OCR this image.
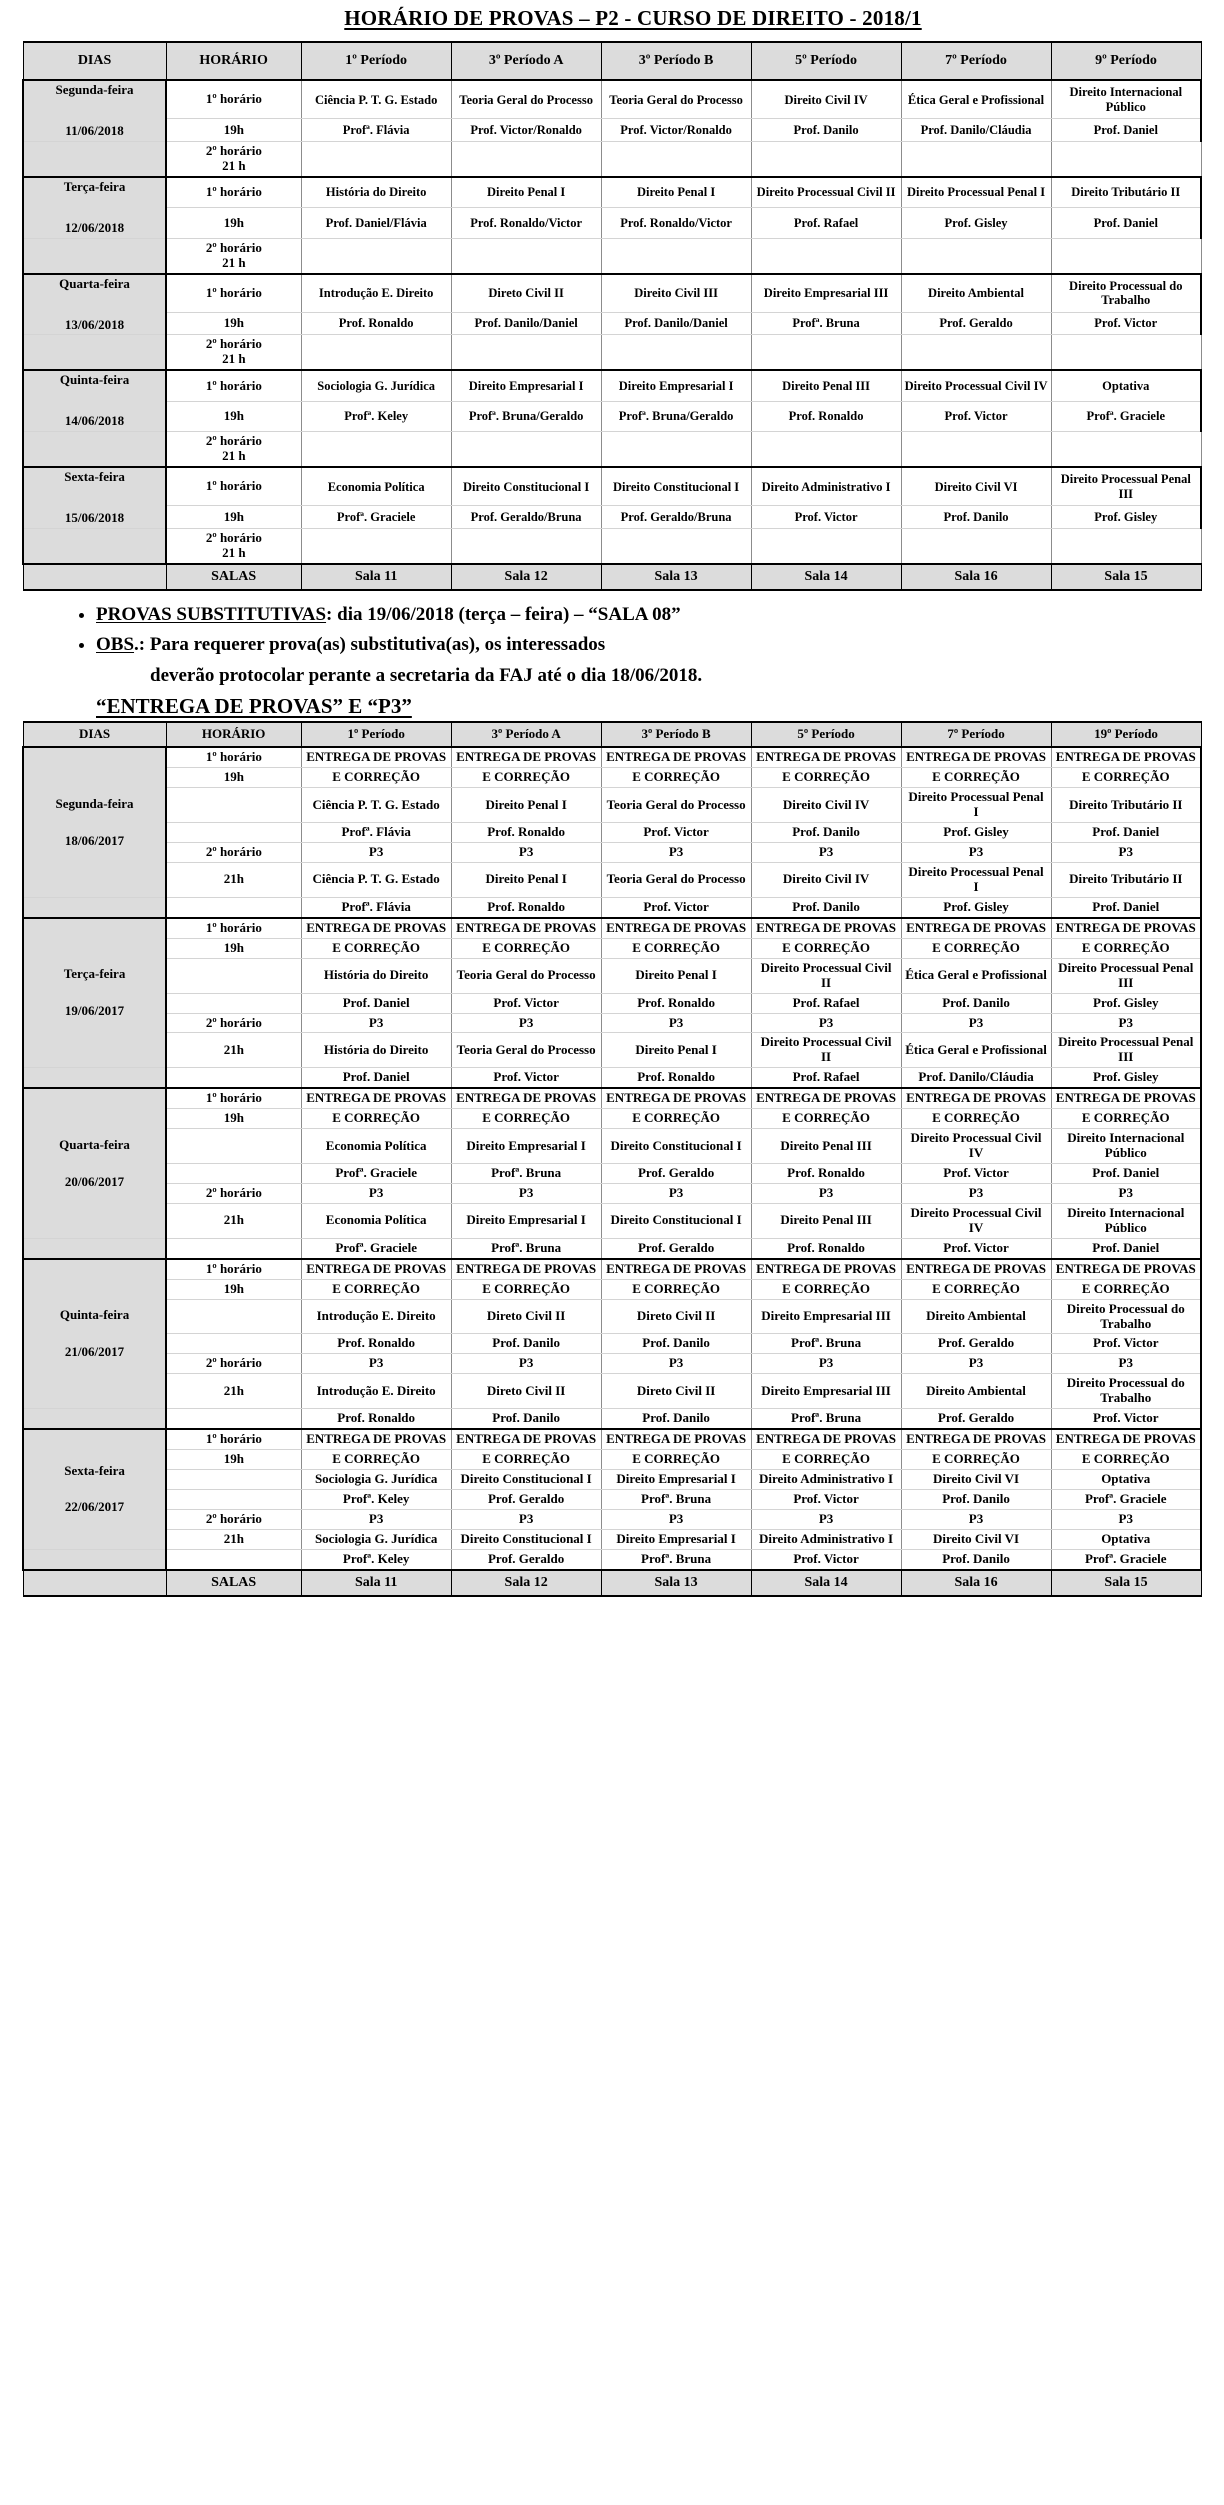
HORÁRIO DE PROVAS – P2 - CURSO DE DIREITO - 2018/1
DIAS	HORÁRIO	1º Período	3º Período A	3º Período B	5º Período	7º Período	9º Período

Segunda-feira
11/06/2018	1º horário	Ciência P. T. G. Estado	Teoria Geral do Processo	Teoria Geral do Processo	Direito Civil IV	Ética Geral e Profissional	Direito Internacional Público
	19h	Profª. Flávia	Prof. Victor/Ronaldo	Prof. Victor/Ronaldo	Prof. Danilo	Prof. Danilo/Cláudia	Prof. Daniel

	2º horário
21 h						

Terça-feira
12/06/2018	1º horário	História do Direito	Direito Penal I	Direito Penal I	Direito Processual Civil II	Direito Processual Penal I	Direito Tributário II
	19h	Prof. Daniel/Flávia	Prof. Ronaldo/Victor	Prof. Ronaldo/Victor	Prof. Rafael	Prof. Gisley	Prof. Daniel

	2º horário
21 h						

Quarta-feira
13/06/2018	1º horário	Introdução E. Direito	Direto Civil II	Direito Civil III	Direito Empresarial III	Direito Ambiental	Direito Processual do Trabalho
	19h	Prof. Ronaldo	Prof. Danilo/Daniel	Prof. Danilo/Daniel	Profª. Bruna	Prof. Geraldo	Prof. Victor

	2º horário
21 h						

Quinta-feira
14/06/2018	1º horário	Sociologia G. Jurídica	Direito Empresarial I	Direito Empresarial I	Direito Penal III	Direito Processual Civil IV	Optativa
	19h	Profª. Keley	Profª. Bruna/Geraldo	Profª. Bruna/Geraldo	Prof. Ronaldo	Prof. Victor	Profª. Graciele

	2º horário
21 h						

Sexta-feira
15/06/2018	1º horário	Economia Política	Direito Constitucional I	Direito Constitucional I	Direito Administrativo I	Direito Civil VI	Direito Processual Penal III
	19h	Profª. Graciele	Prof. Geraldo/Bruna	Prof. Geraldo/Bruna	Prof. Victor	Prof. Danilo	Prof. Gisley

	2º horário
21 h						

	SALAS	Sala 11	Sala 12	Sala 13	Sala 14	Sala 16	Sala 15
• PROVAS SUBSTITUTIVAS: dia 19/06/2018 (terça – feira) – “SALA 08”
• OBS.: Para requerer prova(as) substitutiva(as), os interessados
deverão protocolar perante a secretaria da FAJ até o dia 18/06/2018.
“ENTREGA DE PROVAS” E “P3”
DIAS	HORÁRIO	1º Período	3º Período A	3º Período B	5º Período	7º Período	19º Período

Segunda-feira
18/06/2017	1º horário	ENTREGA DE PROVAS	ENTREGA DE PROVAS	ENTREGA DE PROVAS	ENTREGA DE PROVAS	ENTREGA DE PROVAS	ENTREGA DE PROVAS
	19h	E CORREÇÃO	E CORREÇÃO	E CORREÇÃO	E CORREÇÃO	E CORREÇÃO	E CORREÇÃO
		Ciência P. T. G. Estado	Direito Penal I	Teoria Geral do Processo	Direito Civil IV	Direito Processual Penal I	Direito Tributário II
		Profª. Flávia	Prof. Ronaldo	Prof. Victor	Prof. Danilo	Prof. Gisley	Prof. Daniel
	2º horário	P3	P3	P3	P3	P3	P3
	21h	Ciência P. T. G. Estado	Direito Penal I	Teoria Geral do Processo	Direito Civil IV	Direito Processual Penal I	Direito Tributário II
		Profª. Flávia	Prof. Ronaldo	Prof. Victor	Prof. Danilo	Prof. Gisley	Prof. Daniel

Terça-feira
19/06/2017	1º horário	ENTREGA DE PROVAS	ENTREGA DE PROVAS	ENTREGA DE PROVAS	ENTREGA DE PROVAS	ENTREGA DE PROVAS	ENTREGA DE PROVAS
	19h	E CORREÇÃO	E CORREÇÃO	E CORREÇÃO	E CORREÇÃO	E CORREÇÃO	E CORREÇÃO
		História do Direito	Teoria Geral do Processo	Direito Penal I	Direito Processual Civil II	Ética Geral e Profissional	Direito Processual Penal III
		Prof. Daniel	Prof. Victor	Prof. Ronaldo	Prof. Rafael	Prof. Danilo	Prof. Gisley
	2º horário	P3	P3	P3	P3	P3	P3
	21h	História do Direito	Teoria Geral do Processo	Direito Penal I	Direito Processual Civil II	Ética Geral e Profissional	Direito Processual Penal III
		Prof. Daniel	Prof. Victor	Prof. Ronaldo	Prof. Rafael	Prof. Danilo/Cláudia	Prof. Gisley

Quarta-feira
20/06/2017	1º horário	ENTREGA DE PROVAS	ENTREGA DE PROVAS	ENTREGA DE PROVAS	ENTREGA DE PROVAS	ENTREGA DE PROVAS	ENTREGA DE PROVAS
	19h	E CORREÇÃO	E CORREÇÃO	E CORREÇÃO	E CORREÇÃO	E CORREÇÃO	E CORREÇÃO
		Economia Política	Direito Empresarial I	Direito Constitucional I	Direito Penal III	Direito Processual Civil IV	Direito Internacional Público
		Profª. Graciele	Profª. Bruna	Prof. Geraldo	Prof. Ronaldo	Prof. Victor	Prof. Daniel
	2º horário	P3	P3	P3	P3	P3	P3
	21h	Economia Política	Direito Empresarial I	Direito Constitucional I	Direito Penal III	Direito Processual Civil IV	Direito Internacional Público
		Profª. Graciele	Profª. Bruna	Prof. Geraldo	Prof. Ronaldo	Prof. Victor	Prof. Daniel

Quinta-feira
21/06/2017	1º horário	ENTREGA DE PROVAS	ENTREGA DE PROVAS	ENTREGA DE PROVAS	ENTREGA DE PROVAS	ENTREGA DE PROVAS	ENTREGA DE PROVAS
	19h	E CORREÇÃO	E CORREÇÃO	E CORREÇÃO	E CORREÇÃO	E CORREÇÃO	E CORREÇÃO
		Introdução E. Direito	Direto Civil II	Direto Civil II	Direito Empresarial III	Direito Ambiental	Direito Processual do Trabalho
		Prof. Ronaldo	Prof. Danilo	Prof. Danilo	Profª. Bruna	Prof. Geraldo	Prof. Victor
	2º horário	P3	P3	P3	P3	P3	P3
	21h	Introdução E. Direito	Direto Civil II	Direto Civil II	Direito Empresarial III	Direito Ambiental	Direito Processual do Trabalho
		Prof. Ronaldo	Prof. Danilo	Prof. Danilo	Profª. Bruna	Prof. Geraldo	Prof. Victor

Sexta-feira
22/06/2017	1º horário	ENTREGA DE PROVAS	ENTREGA DE PROVAS	ENTREGA DE PROVAS	ENTREGA DE PROVAS	ENTREGA DE PROVAS	ENTREGA DE PROVAS
	19h	E CORREÇÃO	E CORREÇÃO	E CORREÇÃO	E CORREÇÃO	E CORREÇÃO	E CORREÇÃO
		Sociologia G. Jurídica	Direito Constitucional I	Direito Empresarial I	Direito Administrativo I	Direito Civil VI	Optativa
		Profª. Keley	Prof. Geraldo	Profª. Bruna	Prof. Victor	Prof. Danilo	Profª. Graciele
	2º horário	P3	P3	P3	P3	P3	P3
	21h	Sociologia G. Jurídica	Direito Constitucional I	Direito Empresarial I	Direito Administrativo I	Direito Civil VI	Optativa
		Profª. Keley	Prof. Geraldo	Profª. Bruna	Prof. Victor	Prof. Danilo	Profª. Graciele
	SALAS	Sala 11	Sala 12	Sala 13	Sala 14	Sala 16	Sala 15
